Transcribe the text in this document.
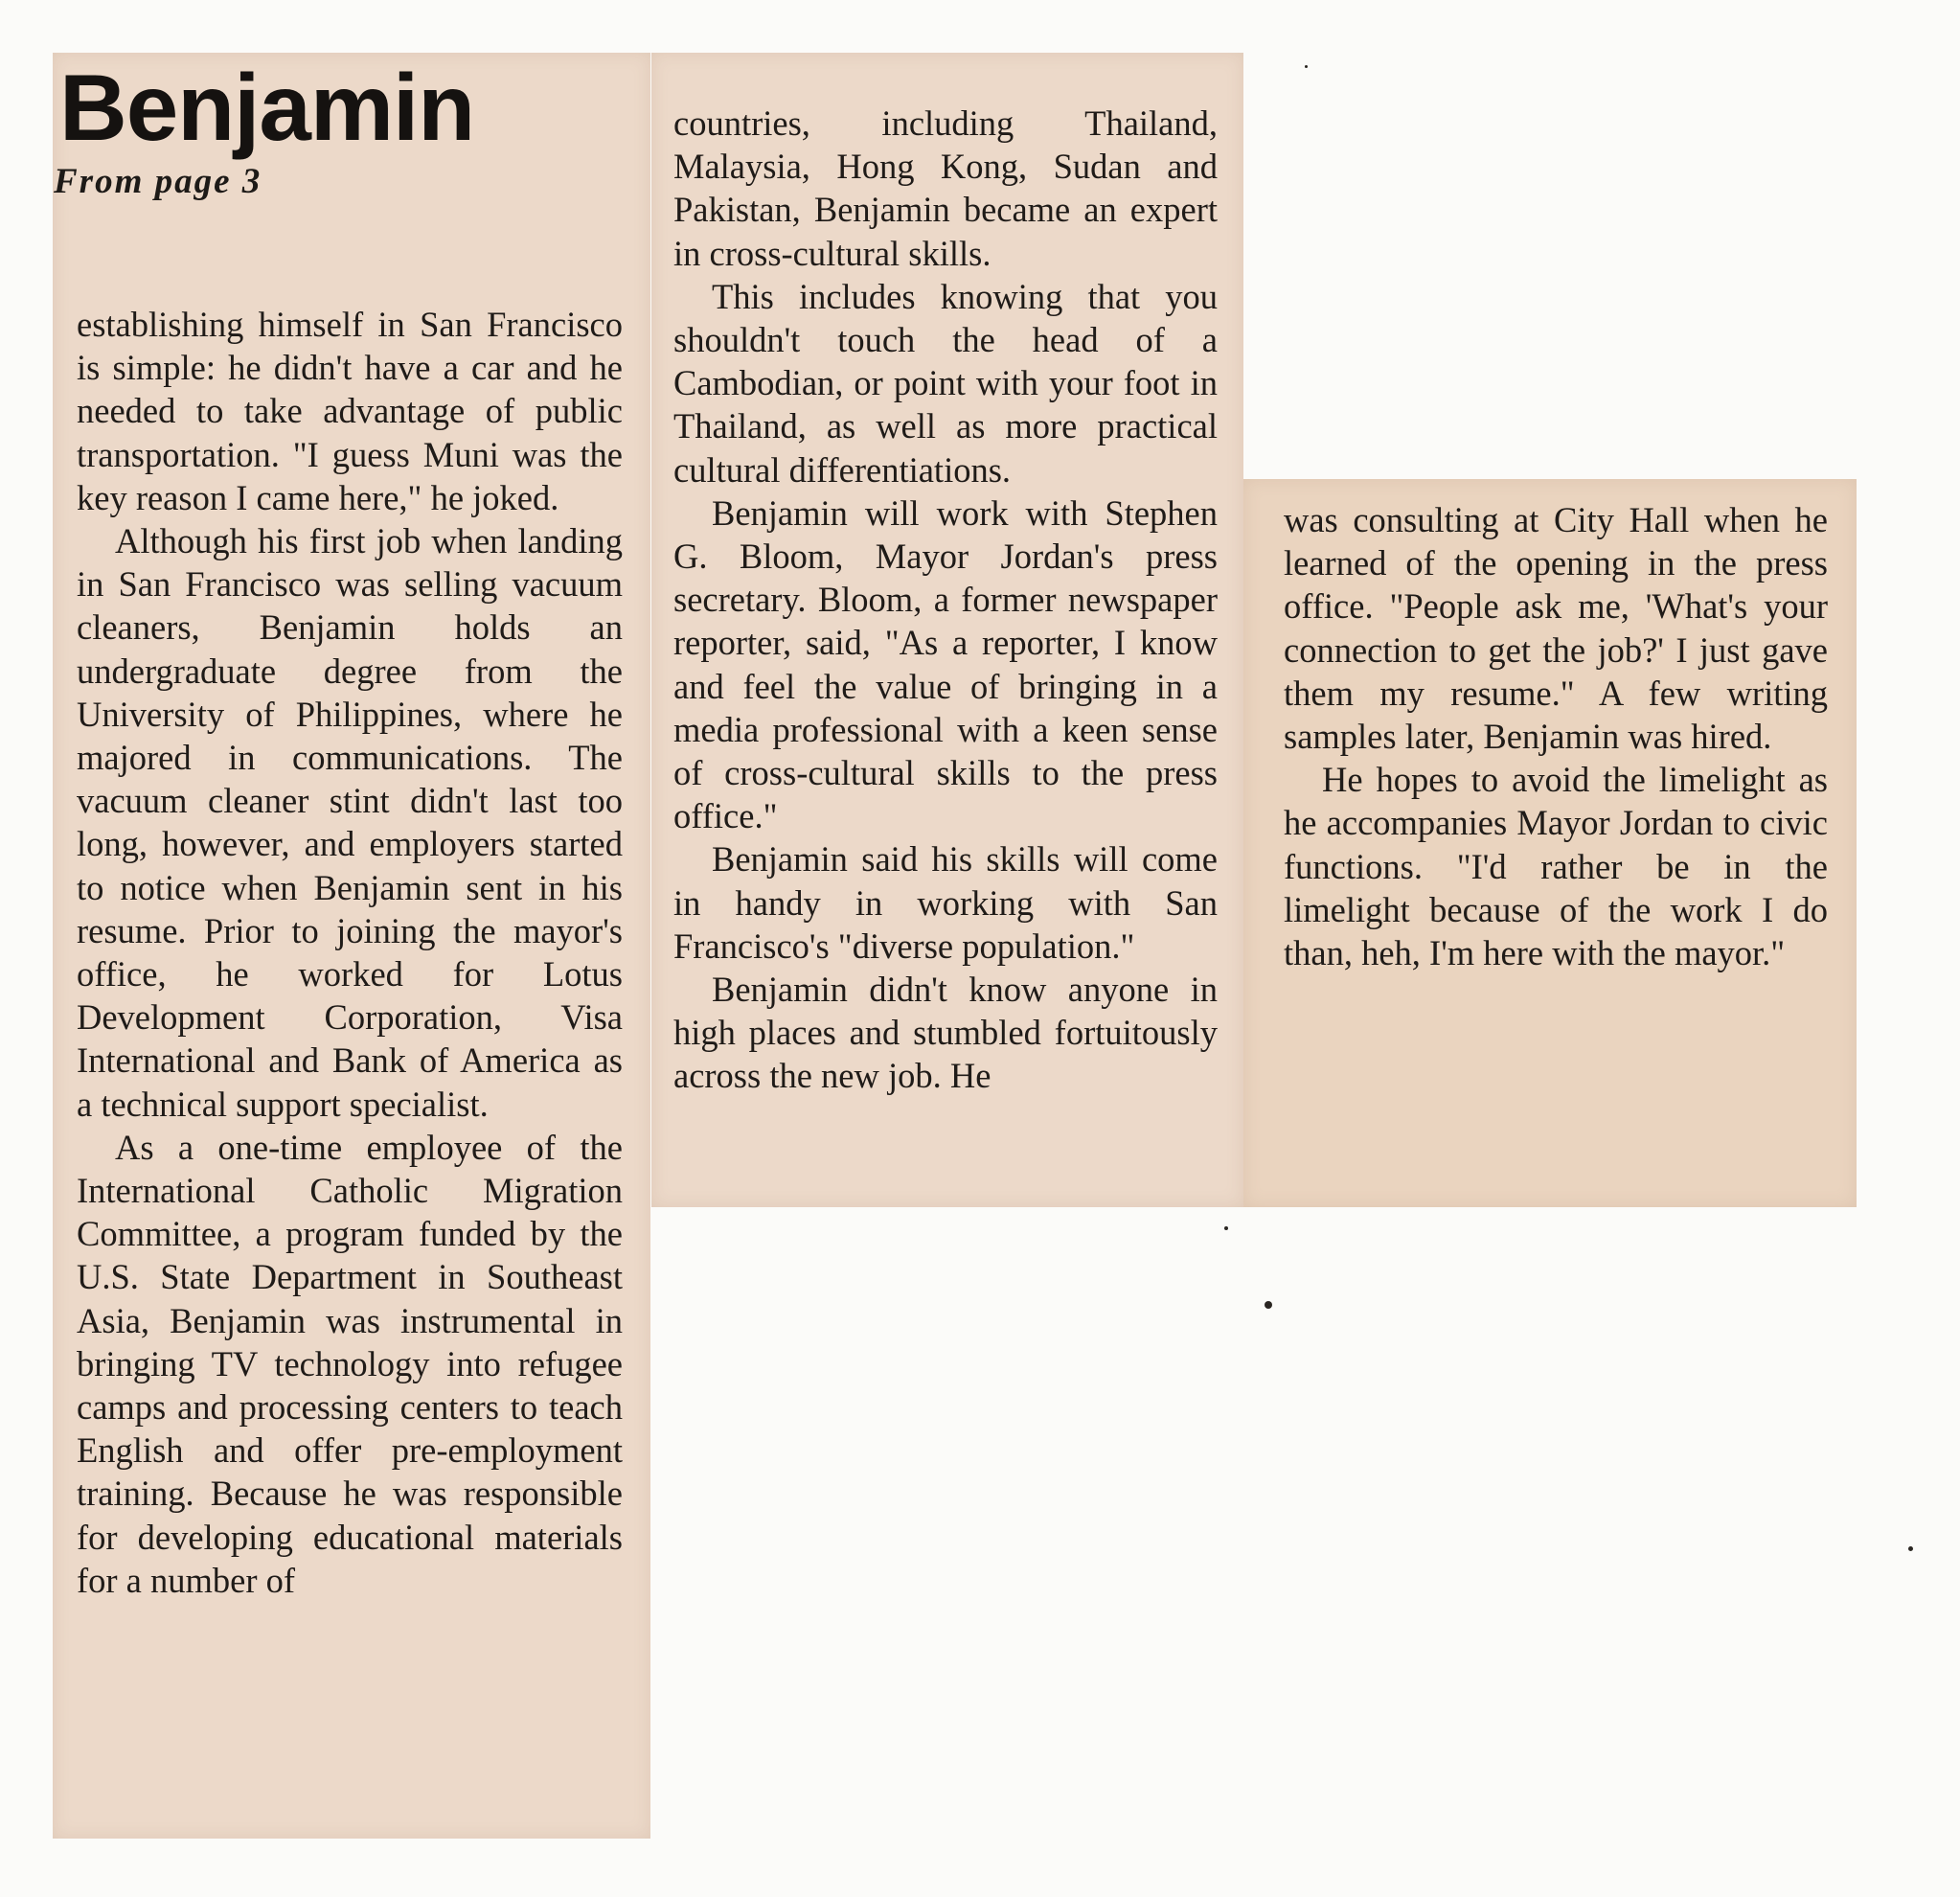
Benjamin
From page 3

establishing himself in San Francisco is simple: he didn't have a car and he needed to take advantage of public transportation. "I guess Muni was the key reason I came here," he joked.

Although his first job when landing in San Francisco was selling vacuum cleaners, Benjamin holds an undergraduate degree from the University of Philippines, where he majored in communications. The vacuum cleaner stint didn't last too long, however, and employers started to notice when Benjamin sent in his resume. Prior to joining the mayor's office, he worked for Lotus Development Corporation, Visa International and Bank of America as a technical support specialist.

As a one-time employee of the International Catholic Migration Committee, a program funded by the U.S. State Department in Southeast Asia, Benjamin was instrumental in bringing TV technology into refugee camps and processing centers to teach English and offer pre-employment training. Because he was responsible for developing educational materials for a number of

countries, including Thailand, Malaysia, Hong Kong, Sudan and Pakistan, Benjamin became an expert in cross-cultural skills.

This includes knowing that you shouldn't touch the head of a Cambodian, or point with your foot in Thailand, as well as more practical cultural differentiations.

Benjamin will work with Stephen G. Bloom, Mayor Jordan's press secretary. Bloom, a former newspaper reporter, said, "As a reporter, I know and feel the value of bringing in a media professional with a keen sense of cross-cultural skills to the press office."

Benjamin said his skills will come in handy in working with San Francisco's "diverse population."

Benjamin didn't know anyone in high places and stumbled fortuitously across the new job. He

was consulting at City Hall when he learned of the opening in the press office. "People ask me, 'What's your connection to get the job?' I just gave them my resume." A few writing samples later, Benjamin was hired.

He hopes to avoid the limelight as he accompanies Mayor Jordan to civic functions. "I'd rather be in the limelight because of the work I do than, heh, I'm here with the mayor."
